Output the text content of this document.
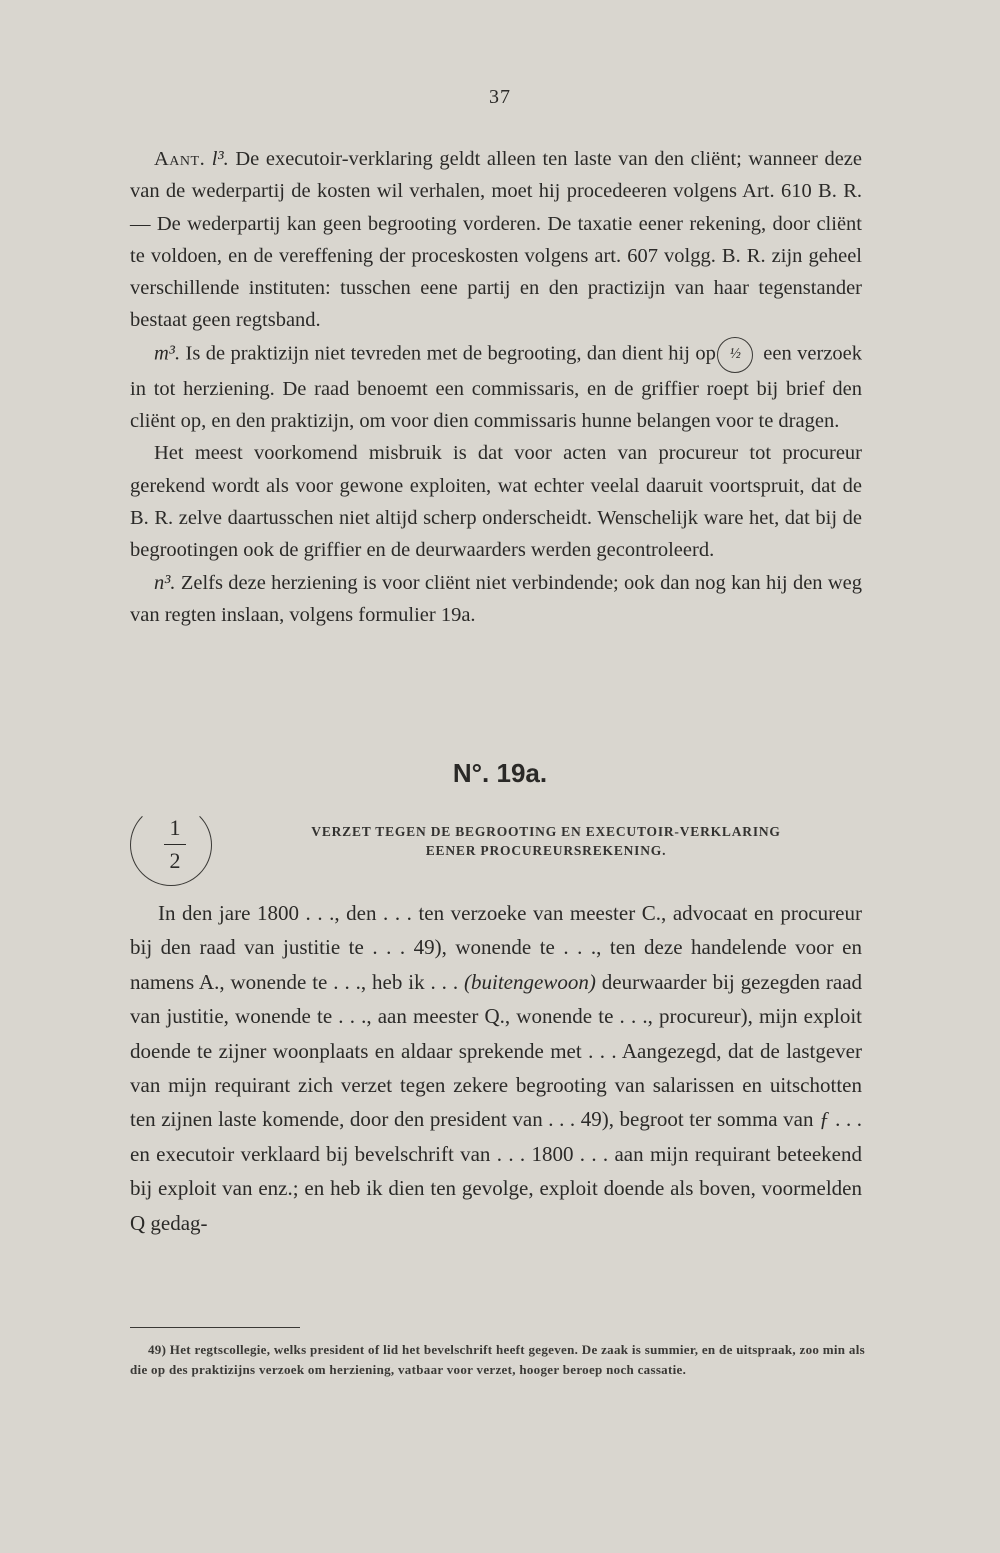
37

Aant. l³. De executoir-verklaring geldt alleen ten laste van den cliënt; wanneer deze van de wederpartij de kosten wil verhalen, moet hij procedeeren volgens Art. 610 B. R. — De wederpartij kan geen begrooting vorderen. De taxatie eener rekening, door cliënt te voldoen, en de vereffening der proceskosten volgens art. 607 volgg. B. R. zijn geheel verschillende instituten: tusschen eene partij en den practizijn van haar tegenstander bestaat geen regtsband.

m³. Is de praktizijn niet tevreden met de begrooting, dan dient hij op ½ een verzoek in tot herziening. De raad benoemt een commissaris, en de griffier roept bij brief den cliënt op, en den praktizijn, om voor dien commissaris hunne belangen voor te dragen.

Het meest voorkomend misbruik is dat voor acten van procureur tot procureur gerekend wordt als voor gewone exploiten, wat echter veelal daaruit voortspruit, dat de B. R. zelve daartusschen niet altijd scherp onderscheidt. Wenschelijk ware het, dat bij de begrootingen ook de griffier en de deurwaarders werden gecontroleerd.

n³. Zelfs deze herziening is voor cliënt niet verbindende; ook dan nog kan hij den weg van regten inslaan, volgens formulier 19a.

N°. 19a.
1
2
VERZET TEGEN DE BEGROOTING EN EXECUTOIR-VERKLARING
EENER PROCUREURSREKENING.

In den jare 1800 . . ., den . . . ten verzoeke van meester C., advocaat en procureur bij den raad van justitie te . . . 49), wonende te . . ., ten deze handelende voor en namens A., wonende te . . ., heb ik . . . (buitengewoon) deurwaarder bij gezegden raad van justitie, wonende te . . ., aan meester Q., wonende te . . ., procureur), mijn exploit doende te zijner woonplaats en aldaar sprekende met . . . Aangezegd, dat de lastgever van mijn requirant zich verzet tegen zekere begrooting van salarissen en uitschotten ten zijnen laste komende, door den president van . . . 49), begroot ter somma van ƒ . . . en executoir verklaard bij bevelschrift van . . . 1800 . . . aan mijn requirant beteekend bij exploit van enz.; en heb ik dien ten gevolge, exploit doende als boven, voormelden Q gedag-

49) Het regtscollegie, welks president of lid het bevelschrift heeft gegeven. De zaak is summier, en de uitspraak, zoo min als die op des praktizijns verzoek om herziening, vatbaar voor verzet, hooger beroep noch cassatie.
